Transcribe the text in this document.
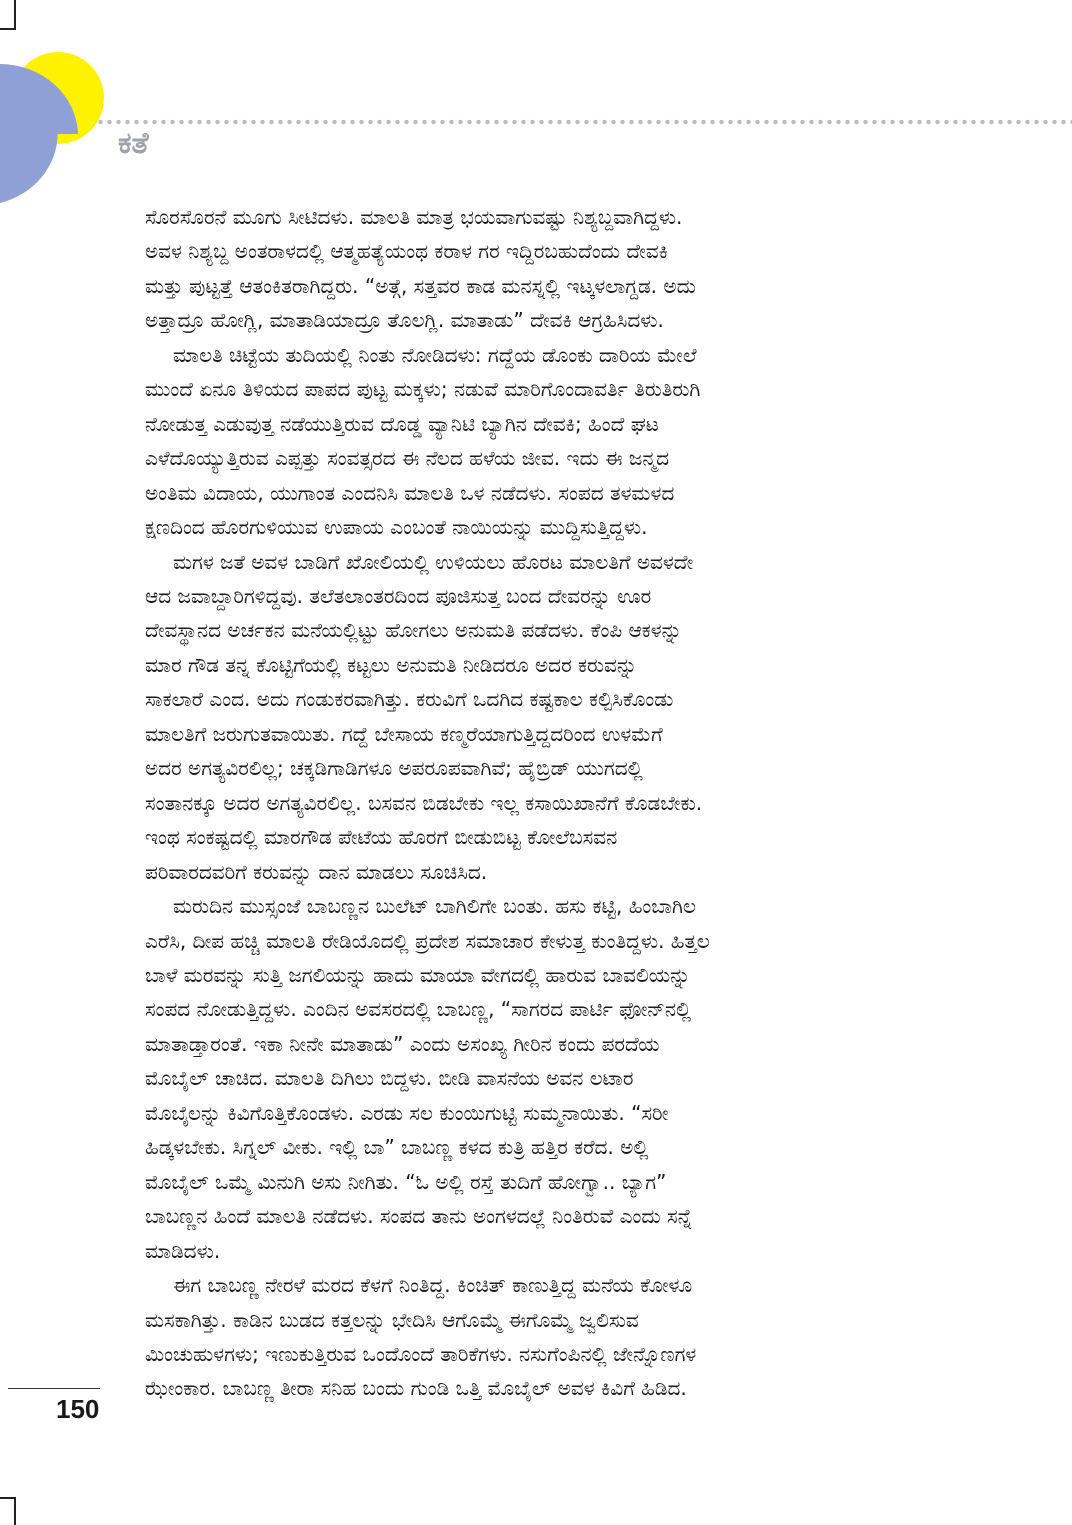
ಕತೆ
ಸೊರಸೊರನೆ ಮೂಗು ಸೀಟಿದಳು. ಮಾಲತಿ ಮಾತ್ರ ಭಯವಾಗುವಷ್ಟು ನಿಶ್ಯಬ್ದವಾಗಿದ್ದಳು.
ಅವಳ ನಿಶ್ಯಬ್ದ ಅಂತರಾಳದಲ್ಲಿ ಆತ್ಮಹತ್ಯೆಯಂಥ ಕರಾಳ ಗರ ಇದ್ದಿರಬಹುದೆಂದು ದೇವಕಿ
ಮತ್ತು ಪುಟ್ಟತ್ತೆ ಆತಂಕಿತರಾಗಿದ್ದರು. “ಅತ್ಗೆ, ಸತ್ತವರ ಕಾಡ ಮನಸ್ನಲ್ಲಿ ಇಟ್ಕಳಲಾಗ್ದಡ. ಅದು
ಅತ್ತಾದ್ರೂ ಹೋಗ್ಲಿ, ಮಾತಾಡಿಯಾದ್ರೂ ತೊಲಗ್ಲಿ. ಮಾತಾಡು” ದೇವಕಿ ಆಗ್ರಹಿಸಿದಳು.
ಮಾಲತಿ ಚಿಟ್ಟೆಯ ತುದಿಯಲ್ಲಿ ನಿಂತು ನೋಡಿದಳು: ಗದ್ದೆಯ ಡೊಂಕು ದಾರಿಯ ಮೇಲೆ
ಮುಂದೆ ಏನೂ ತಿಳಿಯದ ಪಾಪದ ಪುಟ್ಟ ಮಕ್ಕಳು; ನಡುವೆ ಮಾರಿಗೊಂದಾವರ್ತಿ ತಿರುತಿರುಗಿ
ನೋಡುತ್ತ ಎಡುವುತ್ತ ನಡೆಯುತ್ತಿರುವ ದೊಡ್ಡ ವ್ಯಾನಿಟಿ ಬ್ಯಾಗಿನ ದೇವಕಿ; ಹಿಂದೆ ಘಟ
ಎಳೆದೊಯ್ಯುತ್ತಿರುವ ಎಪ್ಪತ್ತು ಸಂವತ್ಸರದ ಈ ನೆಲದ ಹಳೆಯ ಜೀವ. ಇದು ಈ ಜನ್ಮದ
ಅಂತಿಮ ವಿದಾಯ, ಯುಗಾಂತ ಎಂದನಿಸಿ ಮಾಲತಿ ಒಳ ನಡೆದಳು. ಸಂಪದ ತಳಮಳದ
ಕ್ಷಣದಿಂದ ಹೊರಗುಳಿಯುವ ಉಪಾಯ ಎಂಬಂತೆ ನಾಯಿಯನ್ನು ಮುದ್ದಿಸುತ್ತಿದ್ದಳು.
ಮಗಳ ಜತೆ ಅವಳ ಬಾಡಿಗೆ ಖೋಲಿಯಲ್ಲಿ ಉಳಿಯಲು ಹೊರಟ ಮಾಲತಿಗೆ ಅವಳದೇ
ಆದ ಜವಾಬ್ದಾರಿಗಳಿದ್ದವು. ತಲೆತಲಾಂತರದಿಂದ ಪೂಜಿಸುತ್ತ ಬಂದ ದೇವರನ್ನು ಊರ
ದೇವಸ್ಥಾನದ ಅರ್ಚಕನ ಮನೆಯಲ್ಲಿಟ್ಟು ಹೋಗಲು ಅನುಮತಿ ಪಡೆದಳು. ಕೆಂಪಿ ಆಕಳನ್ನು
ಮಾರ ಗೌಡ ತನ್ನ ಕೊಟ್ಟಿಗೆಯಲ್ಲಿ ಕಟ್ಟಲು ಅನುಮತಿ ನೀಡಿದರೂ ಅದರ ಕರುವನ್ನು
ಸಾಕಲಾರೆ ಎಂದ. ಅದು ಗಂಡುಕರವಾಗಿತ್ತು. ಕರುವಿಗೆ ಒದಗಿದ ಕಷ್ಟಕಾಲ ಕಲ್ಪಿಸಿಕೊಂಡು
ಮಾಲತಿಗೆ ಜರುಗುತವಾಯಿತು. ಗದ್ದೆ ಬೇಸಾಯ ಕಣ್ಮರೆಯಾಗುತ್ತಿದ್ದದರಿಂದ ಉಳಮೆಗೆ
ಅದರ ಅಗತ್ಯವಿರಲಿಲ್ಲ; ಚಕ್ಕಡಿಗಾಡಿಗಳೂ ಅಪರೂಪವಾಗಿವೆ; ಹೈಬ್ರಿಡ್ ಯುಗದಲ್ಲಿ
ಸಂತಾನಕ್ಕೂ ಅದರ ಅಗತ್ಯವಿರಲಿಲ್ಲ. ಬಸವನ ಬಿಡಬೇಕು ಇಲ್ಲ ಕಸಾಯಿಖಾನೆಗೆ ಕೊಡಬೇಕು.
ಇಂಥ ಸಂಕಷ್ಟದಲ್ಲಿ ಮಾರಗೌಡ ಪೇಟೆಯ ಹೊರಗೆ ಬೀಡುಬಿಟ್ಟ ಕೋಲೆಬಸವನ
ಪರಿವಾರದವರಿಗೆ ಕರುವನ್ನು ದಾನ ಮಾಡಲು ಸೂಚಿಸಿದ.
ಮರುದಿನ ಮುಸ್ಸಂಜೆ ಬಾಬಣ್ಣನ ಬುಲೆಟ್ ಬಾಗಿಲಿಗೇ ಬಂತು. ಹಸು ಕಟ್ಟಿ, ಹಿಂಬಾಗಿಲ
ಎರೆಸಿ, ದೀಪ ಹಚ್ಚಿ ಮಾಲತಿ ರೇಡಿಯೊದಲ್ಲಿ ಪ್ರದೇಶ ಸಮಾಚಾರ ಕೇಳುತ್ತ ಕುಂತಿದ್ದಳು. ಹಿತ್ತಲ
ಬಾಳೆ ಮರವನ್ನು ಸುತ್ತಿ ಜಗಲಿಯನ್ನು ಹಾದು ಮಾಯಾ ವೇಗದಲ್ಲಿ ಹಾರುವ ಬಾವಲಿಯನ್ನು
ಸಂಪದ ನೋಡುತ್ತಿದ್ದಳು. ಎಂದಿನ ಅವಸರದಲ್ಲಿ ಬಾಬಣ್ಣ, “ಸಾಗರದ ಪಾರ್ಟಿ ಫೋನ್‌ನಲ್ಲಿ
ಮಾತಾಡ್ತಾರಂತೆ. ಇಕಾ ನೀನೇ ಮಾತಾಡು” ಎಂದು ಅಸಂಖ್ಯ ಗೀರಿನ ಕಂದು ಪರದೆಯ
ಮೊಬೈಲ್ ಚಾಚಿದ. ಮಾಲತಿ ದಿಗಿಲು ಬಿದ್ದಳು. ಬೀಡಿ ವಾಸನೆಯ ಅವನ ಲಟಾರ
ಮೊಬೈಲನ್ನು ಕಿವಿಗೊತ್ತಿಕೊಂಡಳು. ಎರಡು ಸಲ ಕುಂಯಿಗುಟ್ಟಿ ಸುಮ್ಮನಾಯಿತು. “ಸರೀ
ಹಿಡ್ಕಳಬೇಕು. ಸಿಗ್ನಲ್ ವೀಕು. ಇಲ್ಲಿ ಬಾ” ಬಾಬಣ್ಣ ಕಳದ ಕುತ್ರಿ ಹತ್ತಿರ ಕರೆದ. ಅಲ್ಲಿ
ಮೊಬೈಲ್ ಒಮ್ಮೆ ಮಿನುಗಿ ಅಸು ನೀಗಿತು. “ಓ ಅಲ್ಲಿ ರಸ್ತೆ ತುದಿಗೆ ಹೋಗ್ವಾ.. ಬ್ಯಾಗ”
ಬಾಬಣ್ಣನ ಹಿಂದೆ ಮಾಲತಿ ನಡೆದಳು. ಸಂಪದ ತಾನು ಅಂಗಳದಲ್ಲೆ ನಿಂತಿರುವೆ ಎಂದು ಸನ್ನೆ
ಮಾಡಿದಳು.
ಈಗ ಬಾಬಣ್ಣ ನೇರಳೆ ಮರದ ಕೆಳಗೆ ನಿಂತಿದ್ದ. ಕಿಂಚಿತ್ ಕಾಣುತ್ತಿದ್ದ ಮನೆಯ ಕೋಳೂ
ಮಸಕಾಗಿತ್ತು. ಕಾಡಿನ ಬುಡದ ಕತ್ತಲನ್ನು ಭೇದಿಸಿ ಆಗೊಮ್ಮೆ ಈಗೊಮ್ಮೆ ಜ್ವಲಿಸುವ
ಮಿಂಚುಹುಳಗಳು; ಇಣುಕುತ್ತಿರುವ ಒಂದೊಂದೆ ತಾರಿಕೆಗಳು. ನಸುಗೆಂಪಿನಲ್ಲಿ ಜೇನ್ನೊಣಗಳ
ಝೇಂಕಾರ. ಬಾಬಣ್ಣ ತೀರಾ ಸನಿಹ ಬಂದು ಗುಂಡಿ ಒತ್ತಿ ಮೊಬೈಲ್ ಅವಳ ಕಿವಿಗೆ ಹಿಡಿದ.
150
